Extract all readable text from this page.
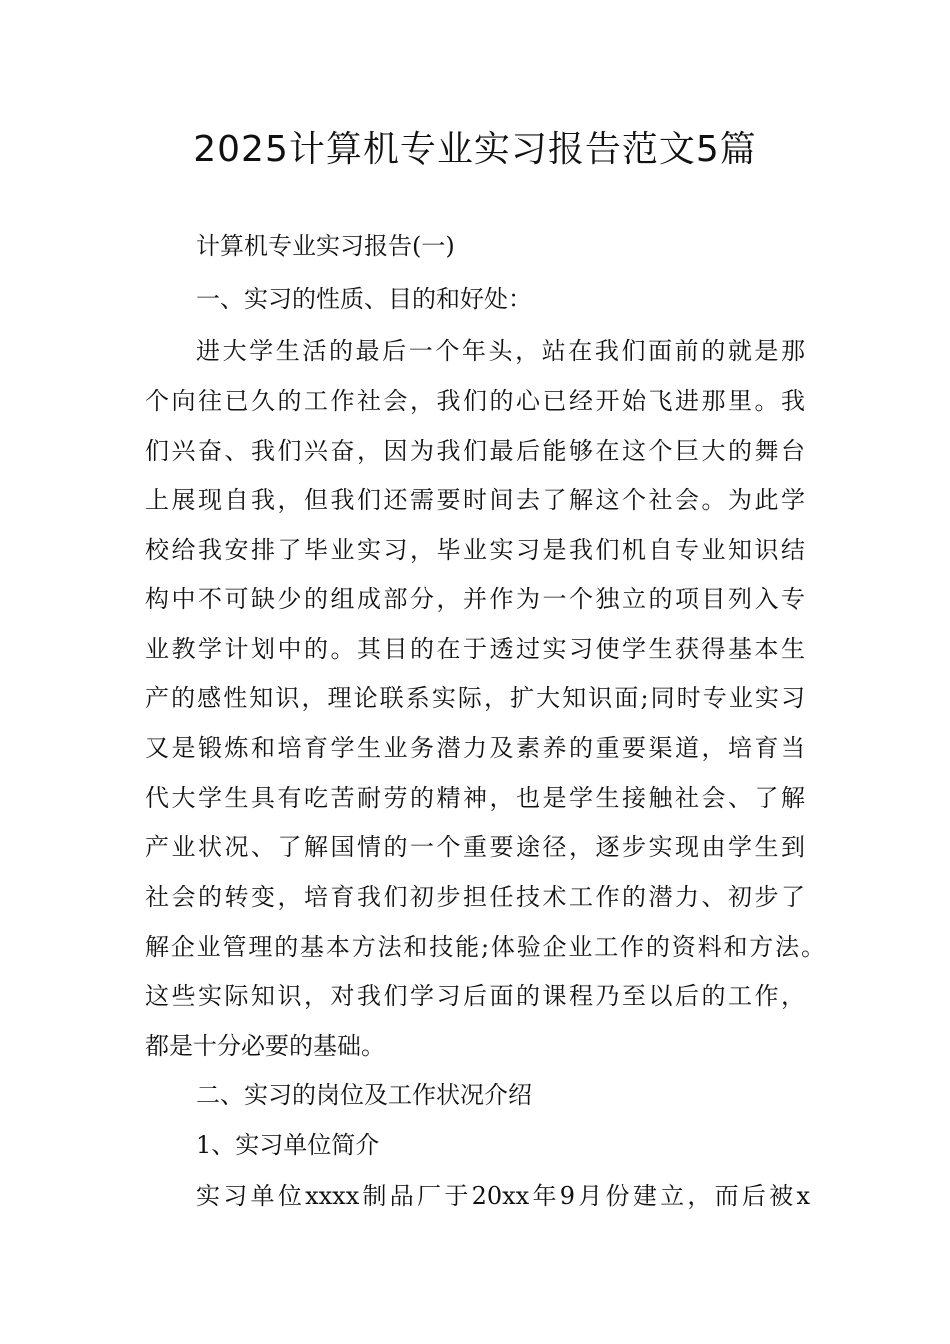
2025计算机专业实习报告范文5篇

计算机专业实习报告(一)

一、实习的性质、目的和好处：

进大学生活的最后一个年头，站在我们面前的就是那

个向往已久的工作社会，我们的心已经开始飞进那里。我

们兴奋、我们兴奋，因为我们最后能够在这个巨大的舞台

上展现自我，但我们还需要时间去了解这个社会。为此学

校给我安排了毕业实习，毕业实习是我们机自专业知识结

构中不可缺少的组成部分，并作为一个独立的项目列入专

业教学计划中的。其目的在于透过实习使学生获得基本生

产的感性知识，理论联系实际，扩大知识面;同时专业实习

又是锻炼和培育学生业务潜力及素养的重要渠道，培育当

代大学生具有吃苦耐劳的精神，也是学生接触社会、了解

产业状况、了解国情的一个重要途径，逐步实现由学生到

社会的转变，培育我们初步担任技术工作的潜力、初步了

解企业管理的基本方法和技能;体验企业工作的资料和方法。

这些实际知识，对我们学习后面的课程乃至以后的工作，

都是十分必要的基础。

二、实习的岗位及工作状况介绍

1、实习单位简介

实习单位xxxx制品厂于20xx年9月份建立，而后被x
